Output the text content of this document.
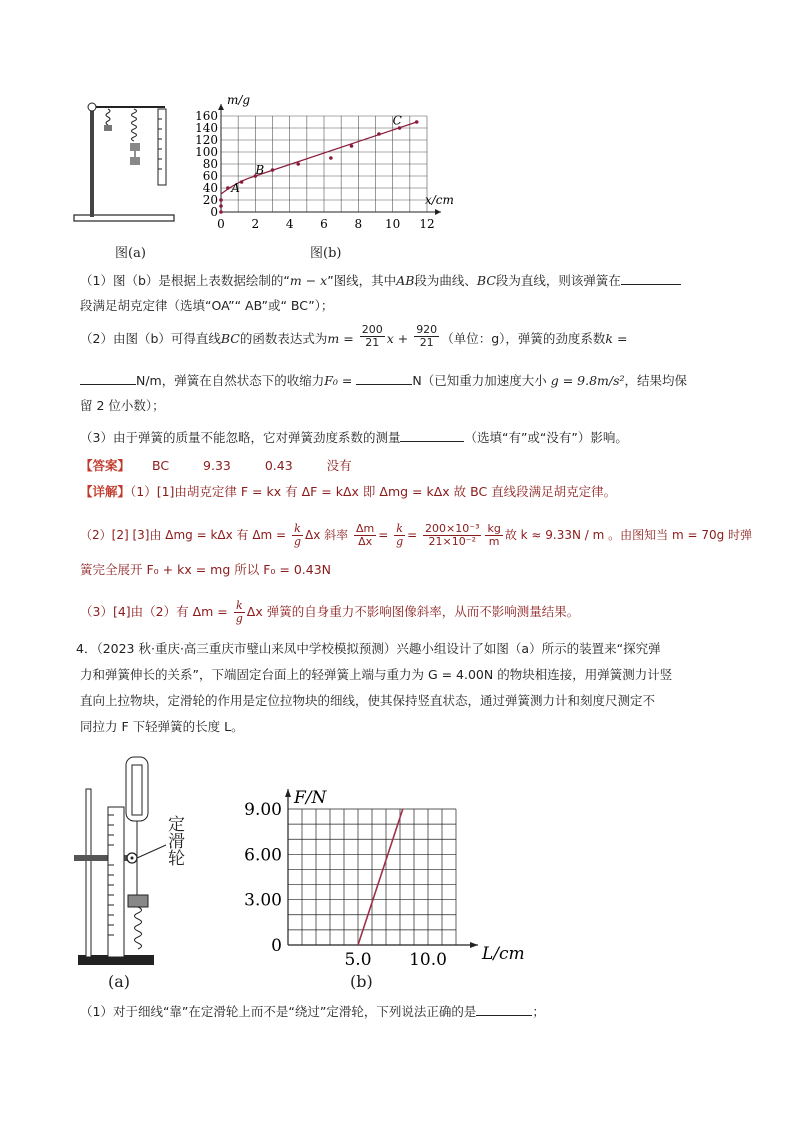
图(a)
160
140
120
100
80
60
40
20
0
0 2 4 6 8 10 12
m/g
x/cm
A
B
C
图(b)
（1）图（b）是根据上表数据绘制的“m − x”图线，其中AB段为曲线、BC段为直线，则该弹簧在
段满足胡克定律（选填“OA”“ AB”或“ BC”）；
（2）由图（b）可得直线BC的函数表达式为$m = \frac{200}{21}$ $x + \frac{920}{21}$ （单位：g），弹簧的劲度系数k =
N/m，弹簧在自然状态下的收缩力F₀ =	N（已知重力加速度大小 g = 9.8m/s²，结果均保
留 2 位小数）；
（3）由于弹簧的质量不能忽略，它对弹簧劲度系数的测量	（选填“有”或“没有”）影响。
【答案】 BC	9.33	0.43	没有
【详解】（1）[1]由胡克定律 F = kx 有 ΔF = kΔx 即 Δmg = kΔx 故 BC 直线段满足胡克定律。
（2）[2] [3]由 Δmg = kΔx 有 $\Delta m = \frac{k}{g}$ Δx 斜率 $\frac{\Delta m}{\Delta x} = \frac{k}{g} = \frac{\text{200×10⁻³}}{\text{21×10⁻²}} \frac{kg}{m}$ 故 k ≈ 9.33N / m 。由图知当 m = 70g 时弹
簧完全展开 F₀ + kx = mg 所以 F₀ = 0.43N
（3）[4]由（2）有 $\Delta m = \frac{k}{g}$ Δx 弹簧的自身重力不影响图像斜率，从而不影响测量结果。
4．（2023 秋·重庆·高三重庆市璧山来凤中学校模拟预测）兴趣小组设计了如图（a）所示的装置来“探究弹
力和弹簧伸长的关系”，下端固定台面上的轻弹簧上端与重力为 G = 4.00N 的物块相连接，用弹簧测力计竖
直向上拉物块，定滑轮的作用是定位拉物块的细线，使其保持竖直状态，通过弹簧测力计和刻度尺测定不
同拉力 F 下轻弹簧的长度 L。
定滑轮
(a)
9.00
6.00
3.00
0
5.0 10.0
F/N
L/cm
(b)
（1）对于细线“靠”在定滑轮上而不是“绕过”定滑轮，下列说法正确的是	；
